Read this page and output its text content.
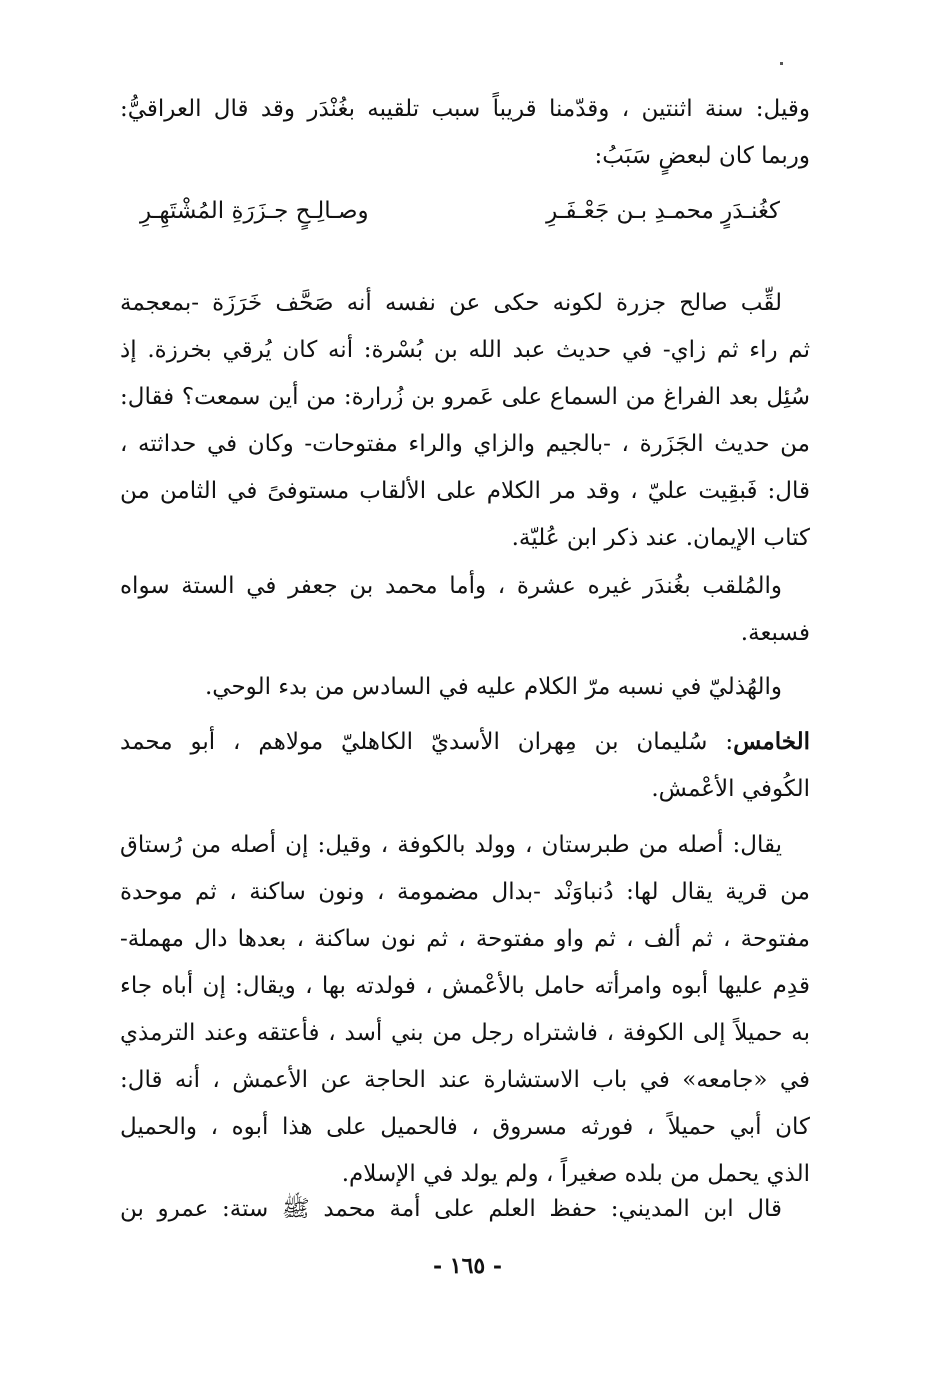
وقيل: سنة اثنتين ، وقدّمنا قريباً سبب تلقيبه بغُنْدَر وقد قال العراقيُّ:
وربما كان لبعضٍ سَبَبُ:
كغُنـدَرٍ محمـدِ بـن جَعْـفَـرِ
وصـالِـحٍ جـزَرَةِ المُشْتَهِـرِ
لقِّب صالح جزرة لكونه حكى عن نفسه أنه صَحَّف خَرَزَة -بمعجمة
ثم راء ثم زاي- في حديث عبد الله بن بُسْرة: أنه كان يُرقي بخرزة. إذ
سُئِل بعد الفراغ من السماع على عَمرو بن زُرارة: من أين سمعت؟ فقال:
من حديث الجَزَرة ، -بالجيم والزاي والراء مفتوحات- وكان في حداثته ،
قال: فَبقِيت عليّ ، وقد مر الكلام على الألقاب مستوفىً في الثامن من
كتاب الإيمان. عند ذكر ابن عُليّة.
والمُلقب بغُندَر غيره عشرة ، وأما محمد بن جعفر في الستة سواه
فسبعة.
والهُذليّ في نسبه مرّ الكلام عليه في السادس من بدء الوحي.
الخامس: سُليمان بن مِهران الأسديّ الكاهليّ مولاهم ، أبو محمد
الكُوفي الأعْمش.
يقال: أصله من طبرستان ، وولد بالكوفة ، وقيل: إن أصله من رُستاق
من قرية يقال لها: دُنباوَنْد -بدال مضمومة ، ونون ساكنة ، ثم موحدة
مفتوحة ، ثم ألف ، ثم واو مفتوحة ، ثم نون ساكنة ، بعدها دال مهملة-
قدِم عليها أبوه وامرأته حامل بالأعْمش ، فولدته بها ، ويقال: إن أباه جاء
به حميلاً إلى الكوفة ، فاشتراه رجل من بني أسد ، فأعتقه وعند الترمذي
في «جامعه» في باب الاستشارة عند الحاجة عن الأعمش ، أنه قال:
كان أبي حميلاً ، فورثه مسروق ، فالحميل على هذا أبوه ، والحميل
الذي يحمل من بلده صغيراً ، ولم يولد في الإسلام.
قال ابن المديني: حفظ العلم على أمة محمد ﷺ ستة: عمرو بن
- ١٦٥ -
